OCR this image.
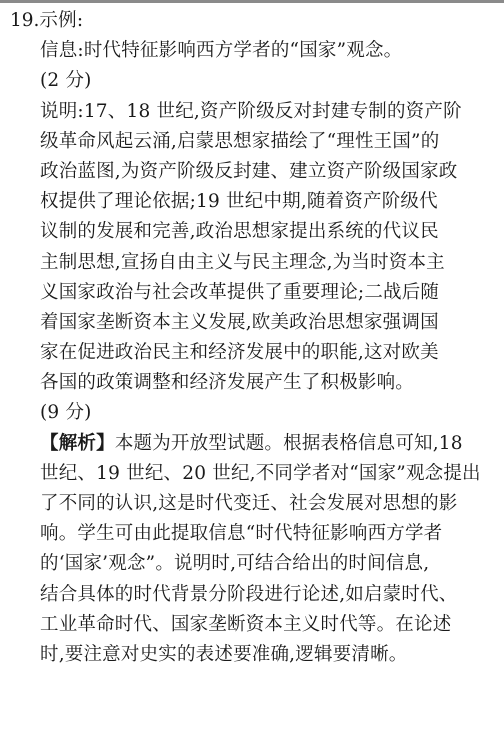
19.示例:
信息:时代特征影响西方学者的“国家”观念。
(2 分)
说明:17、18 世纪,资产阶级反对封建专制的资产阶
级革命风起云涌,启蒙思想家描绘了“理性王国”的
政治蓝图,为资产阶级反封建、建立资产阶级国家政
权提供了理论依据;19 世纪中期,随着资产阶级代
议制的发展和完善,政治思想家提出系统的代议民
主制思想,宣扬自由主义与民主理念,为当时资本主
义国家政治与社会改革提供了重要理论;二战后随
着国家垄断资本主义发展,欧美政治思想家强调国
家在促进政治民主和经济发展中的职能,这对欧美
各国的政策调整和经济发展产生了积极影响。
(9 分)
【解析】本题为开放型试题。根据表格信息可知,18
世纪、19 世纪、20 世纪,不同学者对“国家”观念提出
了不同的认识,这是时代变迁、社会发展对思想的影
响。学生可由此提取信息“时代特征影响西方学者
的‘国家’观念”。说明时,可结合给出的时间信息,
结合具体的时代背景分阶段进行论述,如启蒙时代、
工业革命时代、国家垄断资本主义时代等。在论述
时,要注意对史实的表述要准确,逻辑要清晰。
